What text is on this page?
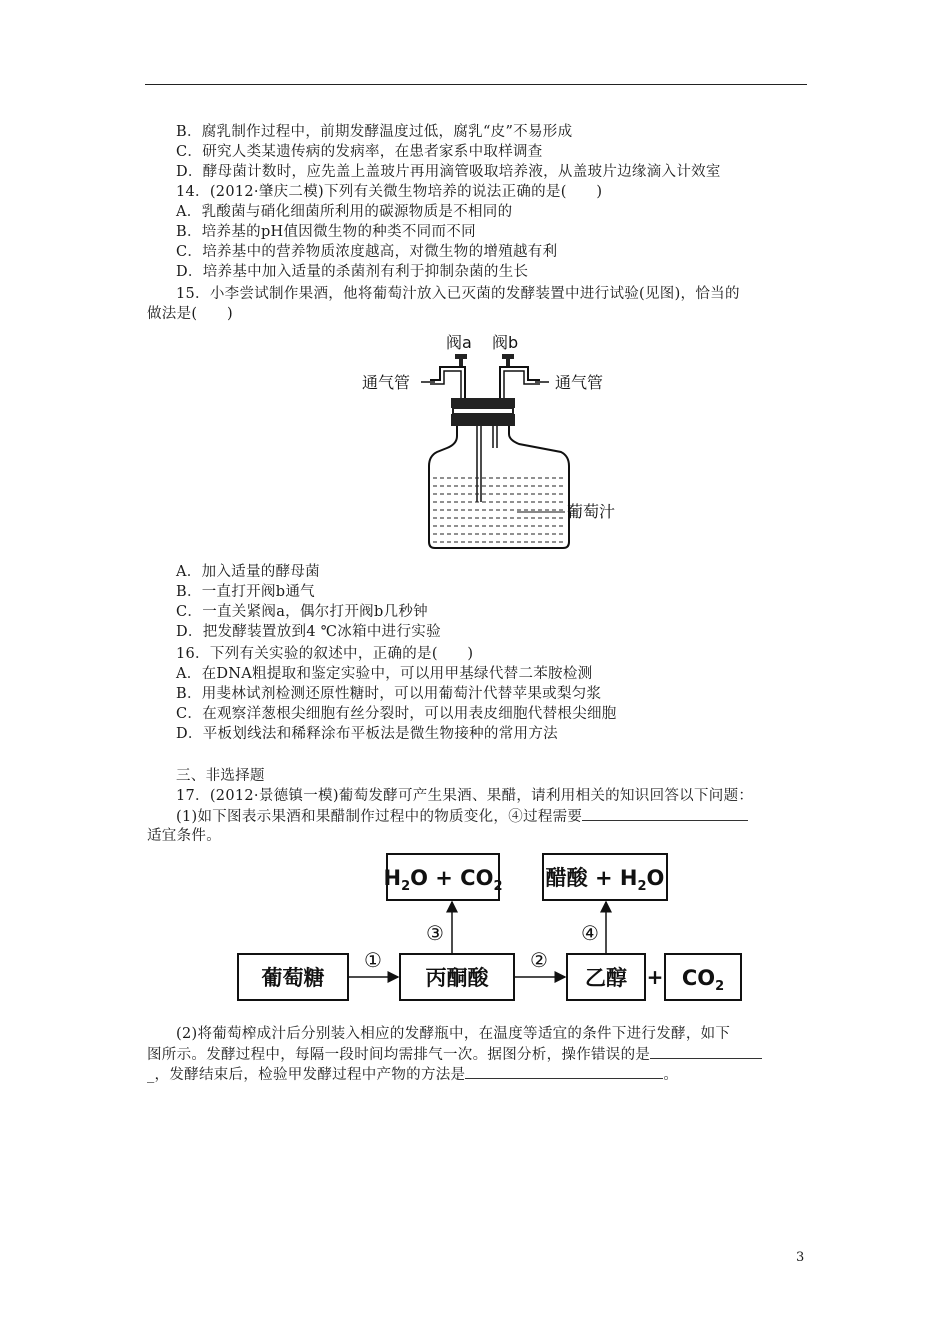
B．腐乳制作过程中，前期发酵温度过低，腐乳“皮”不易形成
C．研究人类某遗传病的发病率，在患者家系中取样调查
D．酵母菌计数时，应先盖上盖玻片再用滴管吸取培养液，从盖玻片边缘滴入计效室
14．(2012·肇庆二模)下列有关微生物培养的说法正确的是(　　)
A．乳酸菌与硝化细菌所利用的碳源物质是不相同的
B．培养基的pH值因微生物的种类不同而不同
C．培养基中的营养物质浓度越高，对微生物的增殖越有利
D．培养基中加入适量的杀菌剂有利于抑制杂菌的生长
15．小李尝试制作果酒，他将葡萄汁放入已灭菌的发酵装置中进行试验(见图)，恰当的
做法是(　　)
阀a 阀b
通气管	通气管
葡萄汁
A．加入适量的酵母菌
B．一直打开阀b通气
C．一直关紧阀a，偶尔打开阀b几秒钟
D．把发酵装置放到4 ℃冰箱中进行实验
16．下列有关实验的叙述中，正确的是(　　)
A．在DNA粗提取和鉴定实验中，可以用甲基绿代替二苯胺检测
B．用斐林试剂检测还原性糖时，可以用葡萄汁代替苹果或梨匀浆
C．在观察洋葱根尖细胞有丝分裂时，可以用表皮细胞代替根尖细胞
D．平板划线法和稀释涂布平板法是微生物接种的常用方法
三、非选择题
17．(2012·景德镇一模)葡萄发酵可产生果酒、果醋，请利用相关的知识回答以下问题：
(1)如下图表示果酒和果醋制作过程中的物质变化，④过程需要
适宜条件。
$H_2O + CO_2$ 醋酸 + $H_2O$
葡萄糖	丙酮酸	乙醇	$CO_2$
+
①	②
③	④
(2)将葡萄榨成汁后分别装入相应的发酵瓶中，在温度等适宜的条件下进行发酵，如下
图所示。发酵过程中，每隔一段时间均需排气一次。据图分析，操作错误的是
_，发酵结束后，检验甲发酵过程中产物的方法是	。
3
